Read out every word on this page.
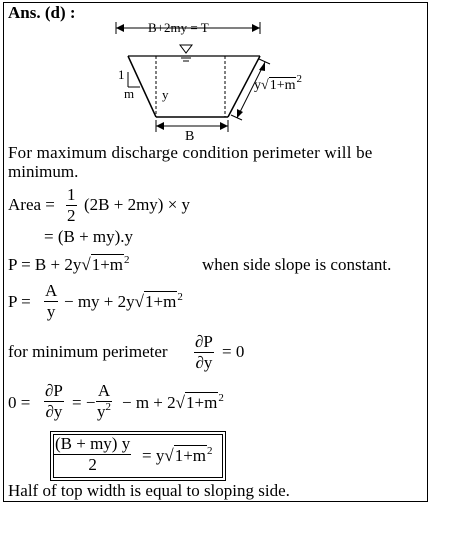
Ans. (d) :
B+2my = T
1
m y
B
$y√1+m^2$
For maximum discharge condition perimeter will be
minimum.
Area =
1
2
(2B + 2my) × y
= (B + my).y
$P = B + 2y√1+m^2$	when side slope is constant.
P =
A
y
− my + $2y√1+m^2$
for minimum perimeter
∂P
∂y
= 0
0 =
∂P
∂y = −
A
$y^2 - m + 2√1+m^2$
(B + my) y
2	= $y√1+m^2$
Half of top width is equal to sloping side.
